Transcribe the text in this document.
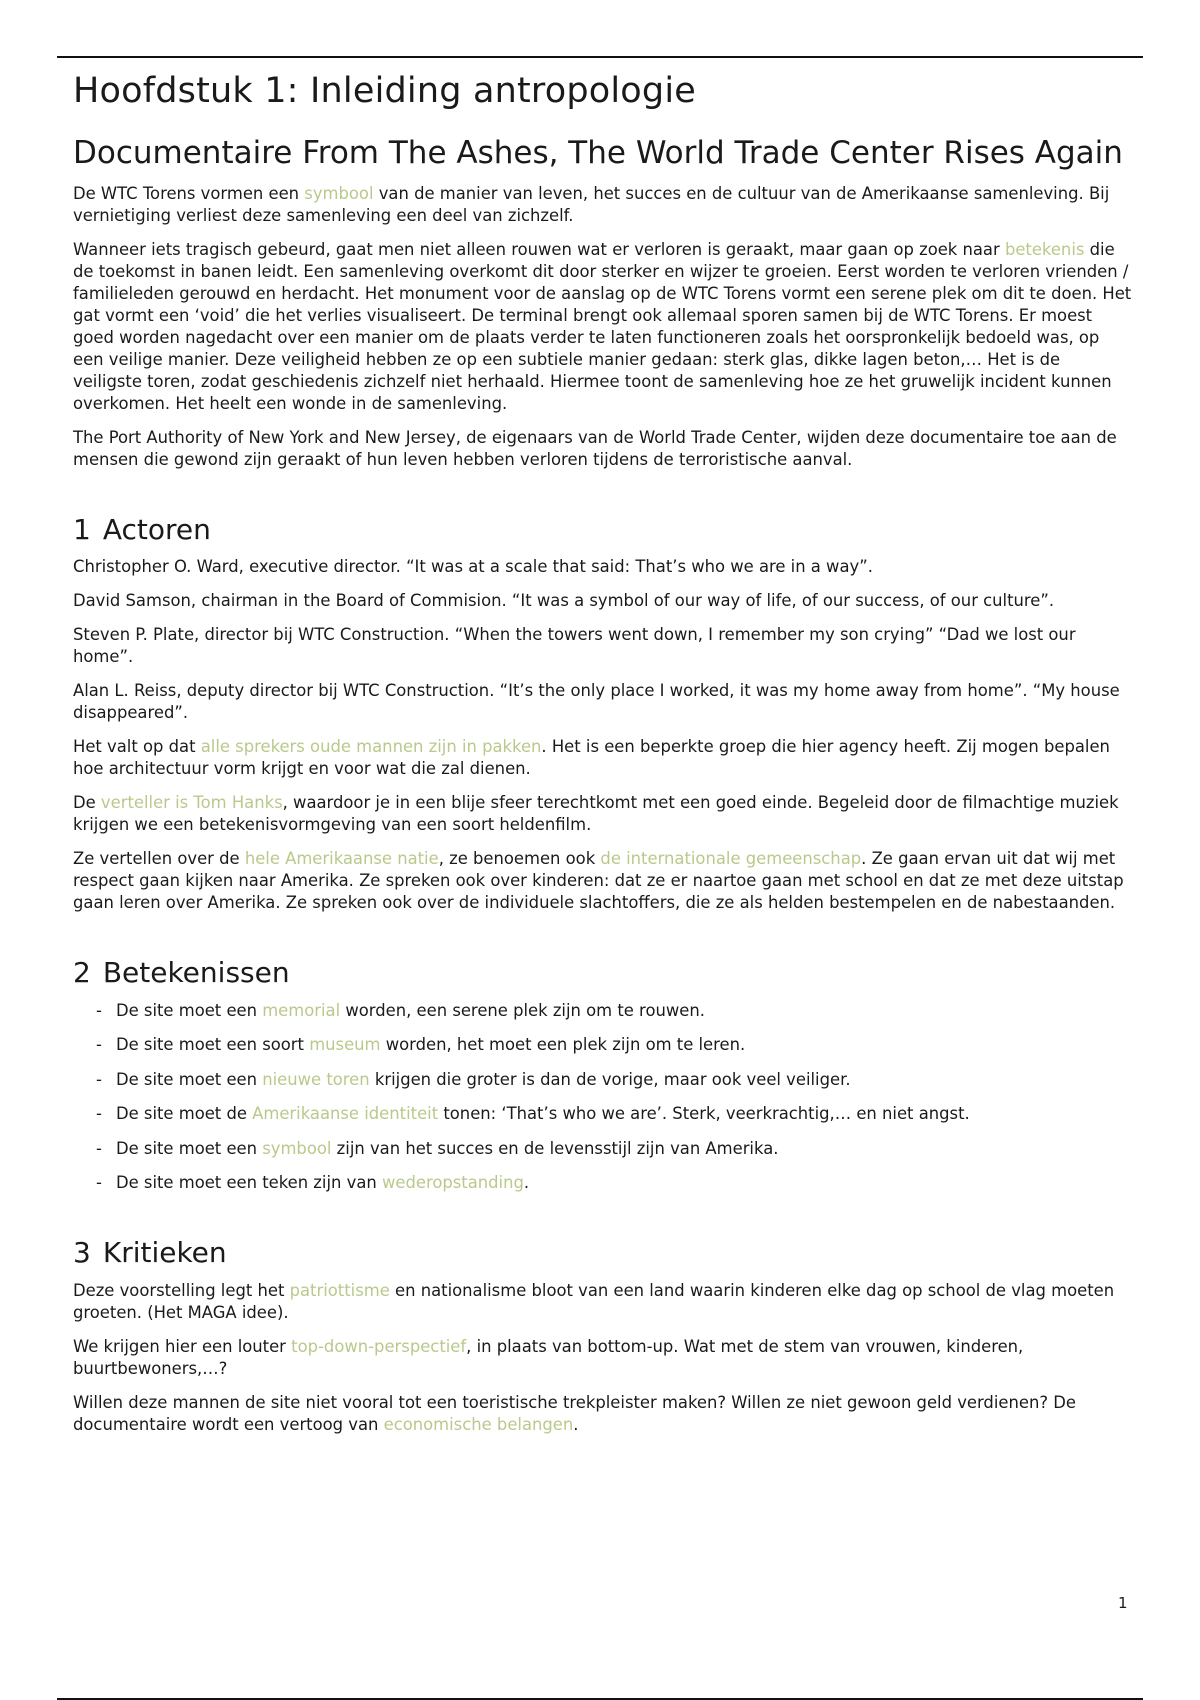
Hoofdstuk 1: Inleiding antropologie
Documentaire From The Ashes, The World Trade Center Rises Again

De WTC Torens vormen een symbool van de manier van leven, het succes en de cultuur van de Amerikaanse samenleving. Bij vernietiging verliest deze samenleving een deel van zichzelf.

Wanneer iets tragisch gebeurd, gaat men niet alleen rouwen wat er verloren is geraakt, maar gaan op zoek naar betekenis die de toekomst in banen leidt. Een samenleving overkomt dit door sterker en wijzer te groeien. Eerst worden te verloren vrienden / familieleden gerouwd en herdacht. Het monument voor de aanslag op de WTC Torens vormt een serene plek om dit te doen. Het gat vormt een ‘void’ die het verlies visualiseert. De terminal brengt ook allemaal sporen samen bij de WTC Torens. Er moest goed worden nagedacht over een manier om de plaats verder te laten functioneren zoals het oorspronkelijk bedoeld was, op een veilige manier. Deze veiligheid hebben ze op een subtiele manier gedaan: sterk glas, dikke lagen beton,… Het is de veiligste toren, zodat geschiedenis zichzelf niet herhaald. Hiermee toont de samenleving hoe ze het gruwelijk incident kunnen overkomen. Het heelt een wonde in de samenleving.

The Port Authority of New York and New Jersey, de eigenaars van de World Trade Center, wijden deze documentaire toe aan de mensen die gewond zijn geraakt of hun leven hebben verloren tijdens de terroristische aanval.

1 Actoren

Christopher O. Ward, executive director. “It was at a scale that said: That’s who we are in a way”.

David Samson, chairman in the Board of Commision. “It was a symbol of our way of life, of our success, of our culture”.

Steven P. Plate, director bij WTC Construction. “When the towers went down, I remember my son crying” “Dad we lost our home”.

Alan L. Reiss, deputy director bij WTC Construction. “It’s the only place I worked, it was my home away from home”. “My house disappeared”.

Het valt op dat alle sprekers oude mannen zijn in pakken. Het is een beperkte groep die hier agency heeft. Zij mogen bepalen hoe architectuur vorm krijgt en voor wat die zal dienen.

De verteller is Tom Hanks, waardoor je in een blije sfeer terechtkomt met een goed einde. Begeleid door de filmachtige muziek krijgen we een betekenisvormgeving van een soort heldenfilm.

Ze vertellen over de hele Amerikaanse natie, ze benoemen ook de internationale gemeenschap. Ze gaan ervan uit dat wij met respect gaan kijken naar Amerika. Ze spreken ook over kinderen: dat ze er naartoe gaan met school en dat ze met deze uitstap gaan leren over Amerika. Ze spreken ook over de individuele slachtoffers, die ze als helden bestempelen en de nabestaanden.

2 Betekenissen
- De site moet een memorial worden, een serene plek zijn om te rouwen.
- De site moet een soort museum worden, het moet een plek zijn om te leren.
- De site moet een nieuwe toren krijgen die groter is dan de vorige, maar ook veel veiliger.
- De site moet de Amerikaanse identiteit tonen: ‘That’s who we are’. Sterk, veerkrachtig,… en niet angst.
- De site moet een symbool zijn van het succes en de levensstijl zijn van Amerika.
- De site moet een teken zijn van wederopstanding.
3 Kritieken

Deze voorstelling legt het patriottisme en nationalisme bloot van een land waarin kinderen elke dag op school de vlag moeten groeten. (Het MAGA idee).

We krijgen hier een louter top-down-perspectief, in plaats van bottom-up. Wat met de stem van vrouwen, kinderen, buurtbewoners,…?

Willen deze mannen de site niet vooral tot een toeristische trekpleister maken? Willen ze niet gewoon geld verdienen? De documentaire wordt een vertoog van economische belangen.

1
